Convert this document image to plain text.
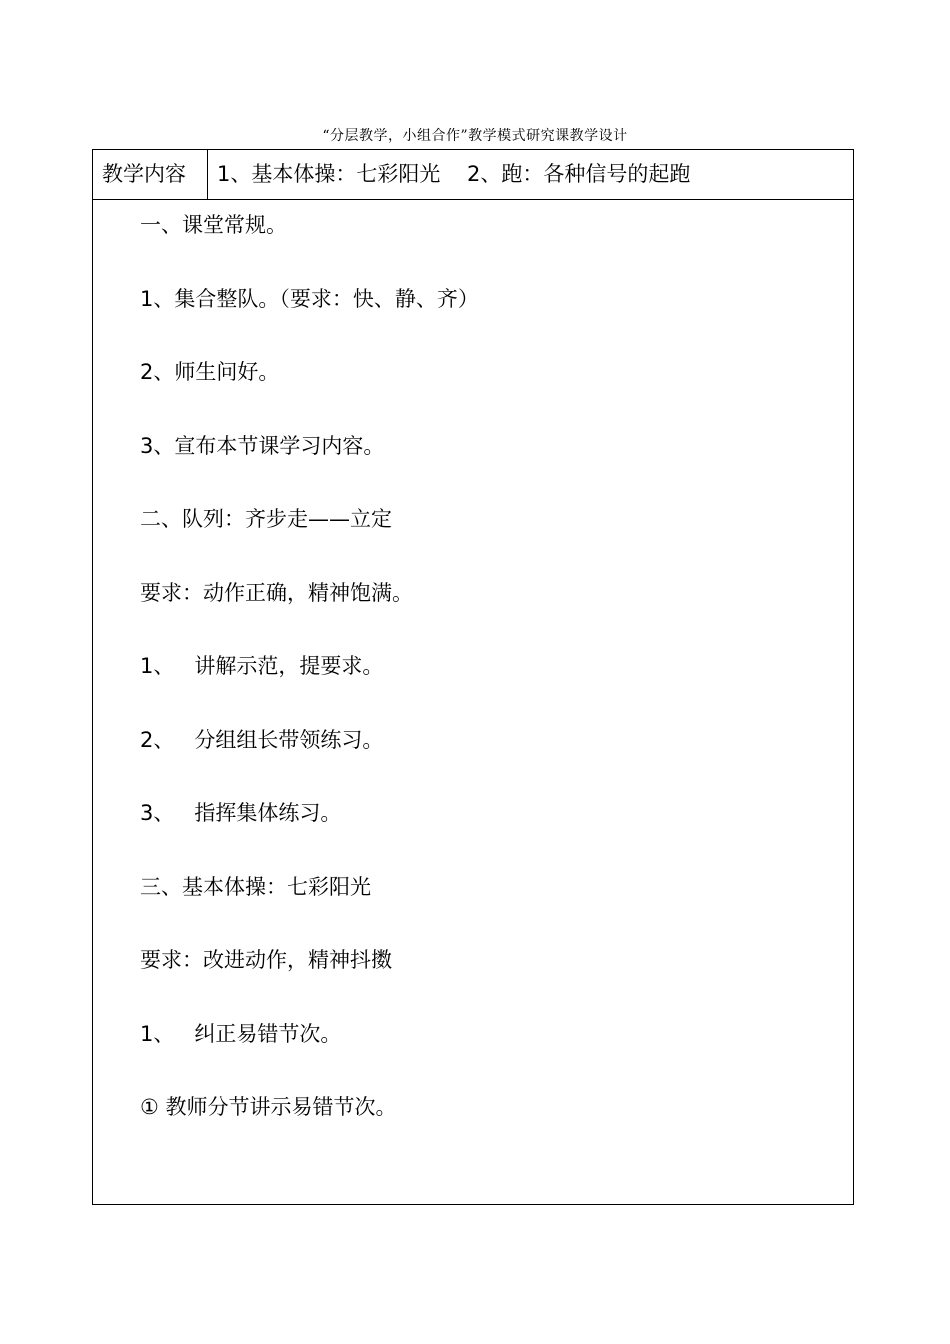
“分层教学，小组合作”教学模式研究课教学设计
教学内容	1、基本体操：七彩阳光    2、跑：各种信号的起跑
一、课堂常规。
1、集合整队。（要求：快、静、齐）
2、师生问好。
3、宣布本节课学习内容。
二、队列：齐步走——立定
要求：动作正确，精神饱满。
1、   讲解示范，提要求。
2、   分组组长带领练习。
3、   指挥集体练习。
三、基本体操：七彩阳光
要求：改进动作，精神抖擞
1、   纠正易错节次。
① 教师分节讲示易错节次。
